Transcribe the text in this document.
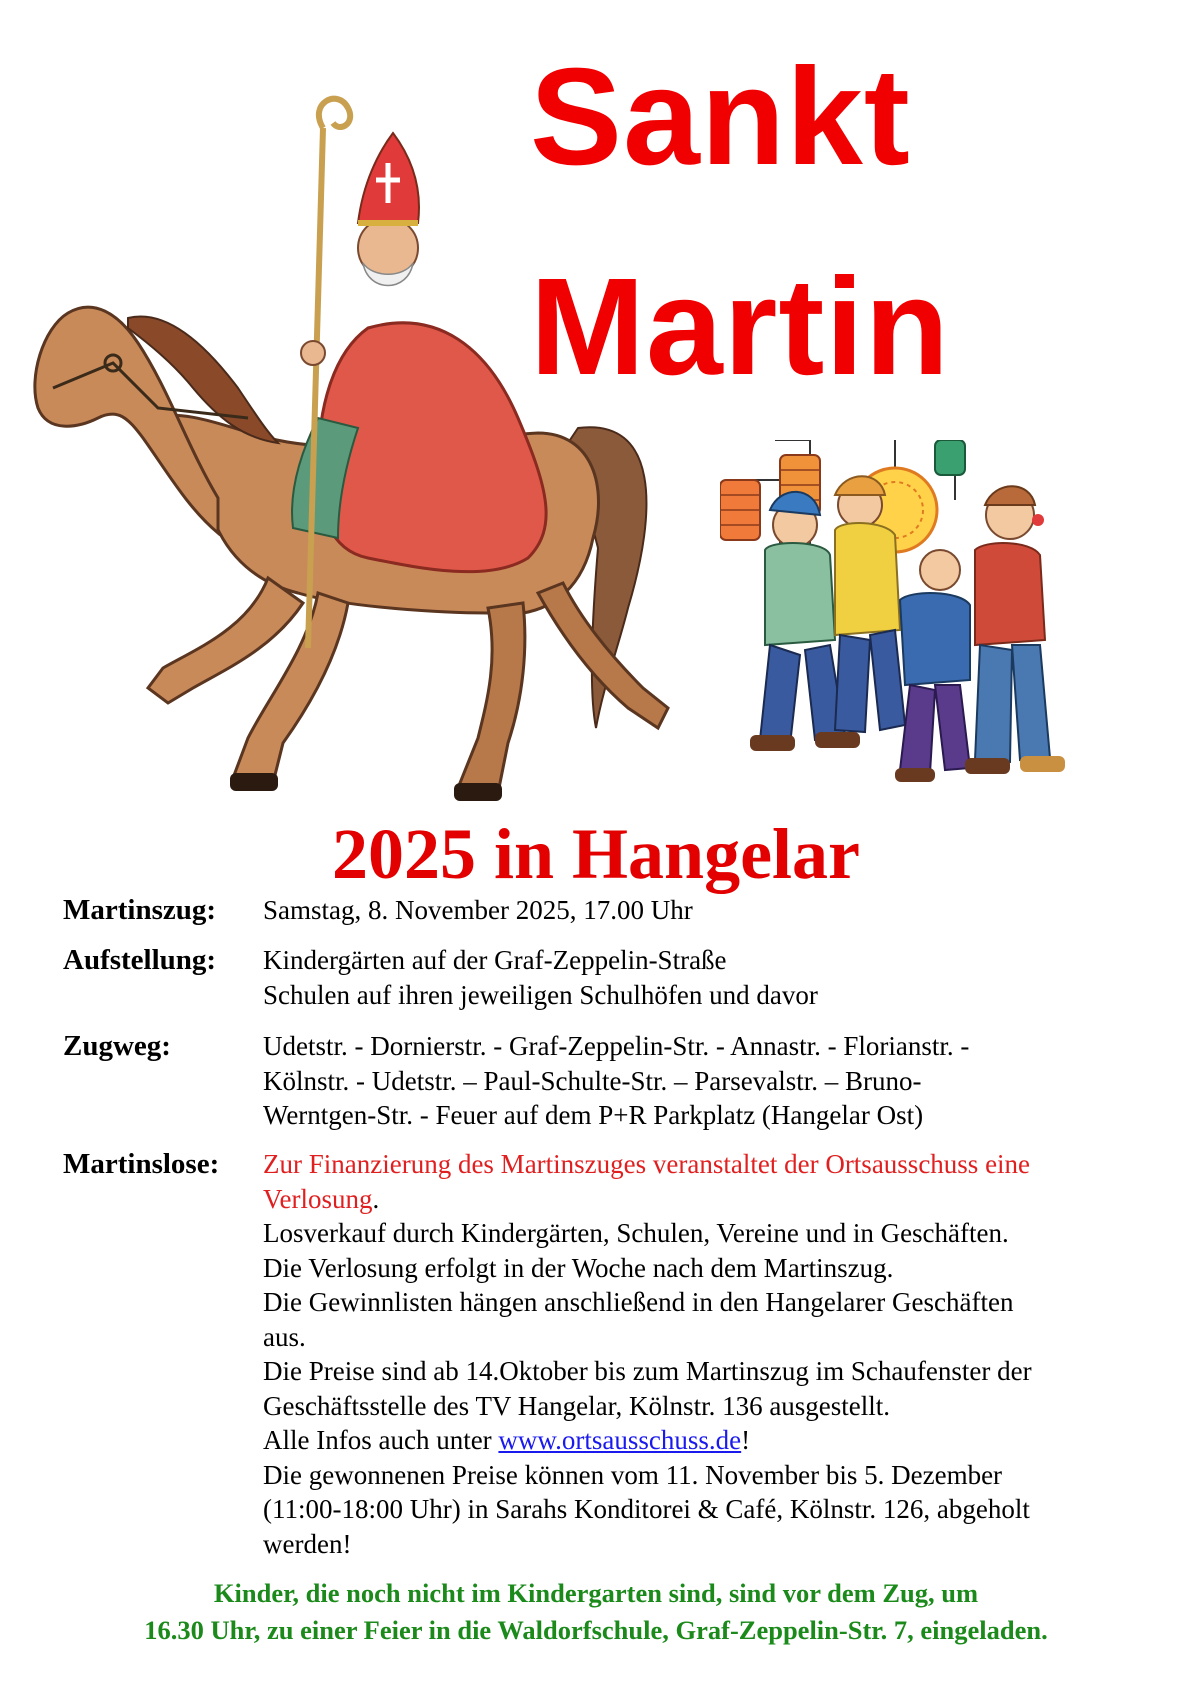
Sankt
Martin
2025 in Hangelar
Martinszug: Samstag, 8. November 2025, 17.00 Uhr
Aufstellung: Kindergärten auf der Graf-Zeppelin-Straße
Schulen auf ihren jeweiligen Schulhöfen und davor
Zugweg:	Udetstr. - Dornierstr. - Graf-Zeppelin-Str. - Annastr. - Florianstr. -
Kölnstr. - Udetstr. – Paul-Schulte-Str. – Parsevalstr. – Bruno-
Werntgen-Str. - Feuer auf dem P+R Parkplatz (Hangelar Ost)
Martinslose: Zur Finanzierung des Martinszuges veranstaltet der Ortsausschuss eine
Verlosung.
Losverkauf durch Kindergärten, Schulen, Vereine und in Geschäften.
Die Verlosung erfolgt in der Woche nach dem Martinszug.
Die Gewinnlisten hängen anschließend in den Hangelarer Geschäften
aus.
Die Preise sind ab 14.Oktober bis zum Martinszug im Schaufenster der
Geschäftsstelle des TV Hangelar, Kölnstr. 136 ausgestellt.
Alle Infos auch unter www.ortsausschuss.de!
Die gewonnenen Preise können vom 11. November bis 5. Dezember
(11:00-18:00 Uhr) in Sarahs Konditorei & Café, Kölnstr. 126, abgeholt
werden!
Kinder, die noch nicht im Kindergarten sind, sind vor dem Zug, um
16.30 Uhr, zu einer Feier in die Waldorfschule, Graf-Zeppelin-Str. 7, eingeladen.
